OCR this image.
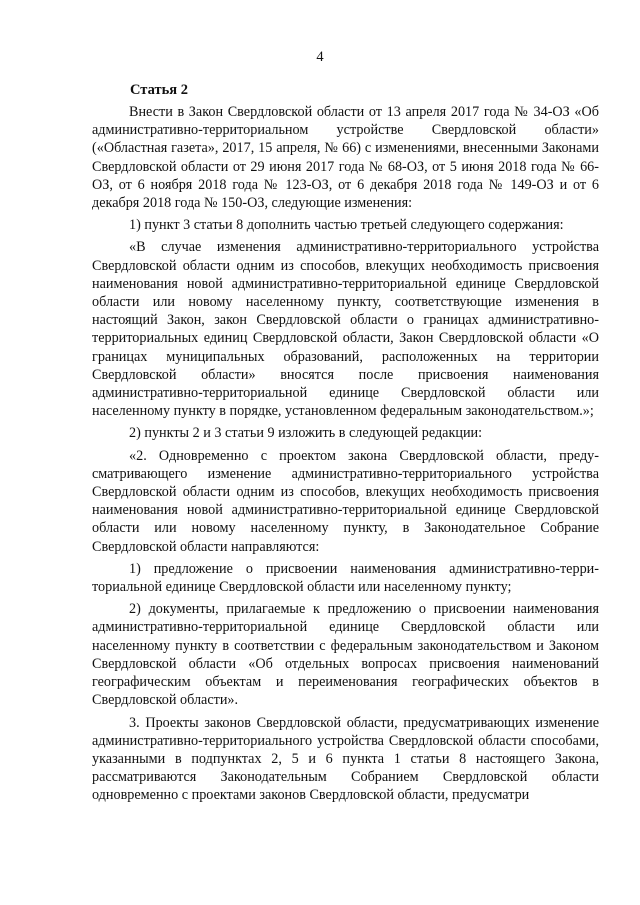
4
Статья 2

Внести в Закон Свердловской области от 13 апреля 2017 года № 34-ОЗ «Об административно-территориальном устройстве Свердловской области» («Областная газета», 2017, 15 апреля, № 66) с изменениями, внесенными Законами Свердловской области от 29 июня 2017 года № 68-ОЗ, от 5 июня 2018 года № 66-ОЗ, от 6 ноября 2018 года № 123-ОЗ, от 6 декабря 2018 года № 149-ОЗ и от 6 декабря 2018 года № 150-ОЗ, следующие изменения:

1) пункт 3 статьи 8 дополнить частью третьей следующего содержания:

«В случае изменения административно-территориального устройства Свердловской области одним из способов, влекущих необходимость присвоения наименования новой административно-территориальной единице Свердловской области или новому населенному пункту, соответствующие изменения в настоящий Закон, закон Свердловской области о границах административно-территориальных единиц Свердловской области, Закон Свердловской области «О границах муниципальных образований, расположенных на территории Свердловской области» вносятся после присвоения наименования административно-территориальной единице Свердловской области или населенному пункту в порядке, установленном федеральным законодательством.»;

2) пункты 2 и 3 статьи 9 изложить в следующей редакции:

«2. Одновременно с проектом закона Свердловской области, предусматривающего изменение административно-территориального устройства Свердловской области одним из способов, влекущих необходимость присвоения наименования новой административно-территориальной единице Свердловской области или новому населенному пункту, в Законодательное Собрание Свердловской области направляются:

1) предложение о присвоении наименования административно-территориальной единице Свердловской области или населенному пункту;

2) документы, прилагаемые к предложению о присвоении наименования административно-территориальной единице Свердловской области или населенному пункту в соответствии с федеральным законодательством и Законом Свердловской области «Об отдельных вопросах присвоения наименований географическим объектам и переименования географических объектов в Свердловской области».

3. Проекты законов Свердловской области, предусматривающих изменение административно-территориального устройства Свердловской области способами, указанными в подпунктах 2, 5 и 6 пункта 1 статьи 8 настоящего Закона, рассматриваются Законодательным Собранием Свердловской области одновременно с проектами законов Свердловской области, предусматри
